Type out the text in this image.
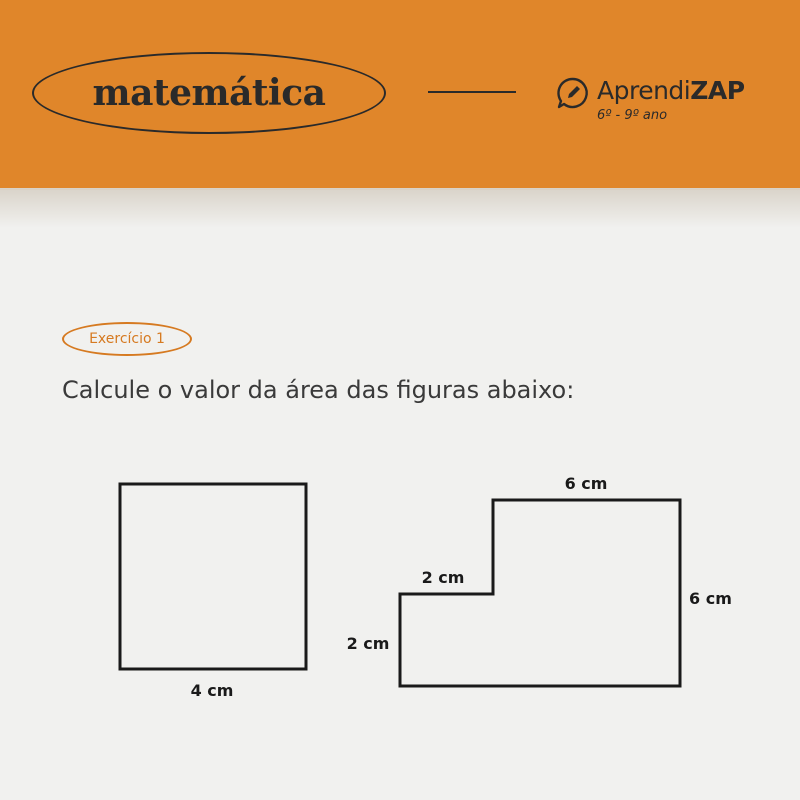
matemática	AprendiZAP
6º - 9º ano
Exercício 1
Calcule o valor da área das figuras abaixo:
4 cm
6 cm
6 cm
2 cm
2 cm
